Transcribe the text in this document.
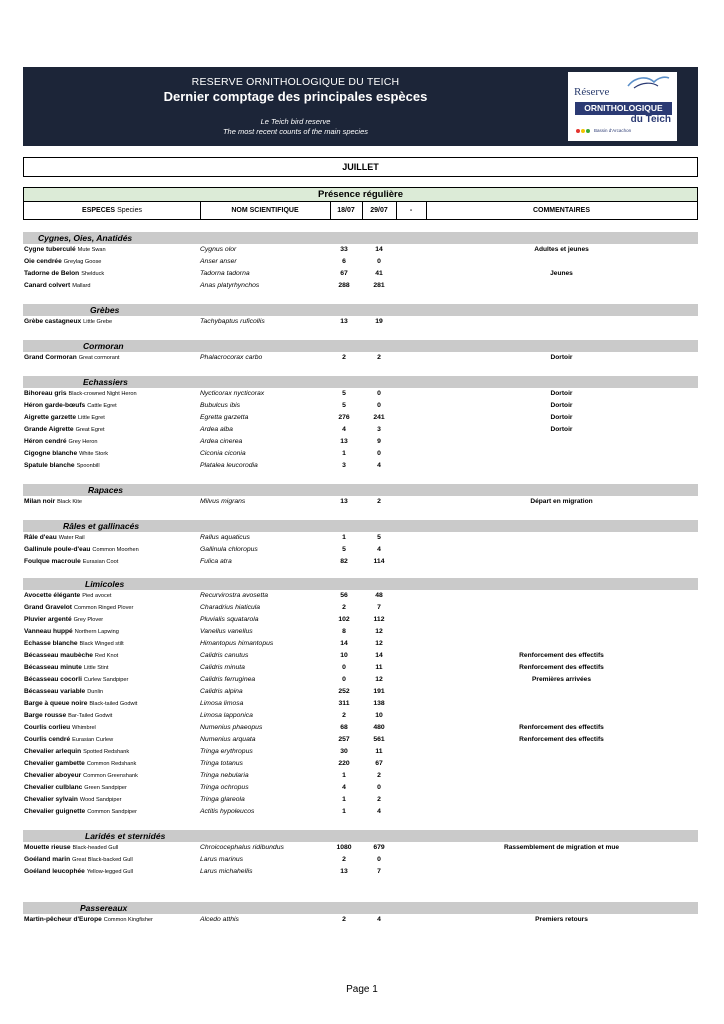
RESERVE ORNITHOLOGIQUE DU TEICH
Dernier comptage des principales espèces
Le Teich bird reserve
The most recent counts of the main species
Réserve
ORNITHOLOGIQUE
du Teich
Bassin d'Arcachon
JUILLET
Présence régulière
ESPECES Species	NOM SCIENTIFIQUE	18/07	29/07	-	COMMENTAIRES
Cygnes, Oies, Anatidés
Cygne tuberculé Mute Swan	Cygnus olor	33	14	Adultes et jeunes
Oie cendrée Greylag Goose	Anser anser	6	0
Tadorne de Belon Shelduck	Tadorna tadorna	67	41	Jeunes
Canard colvert Mallard	Anas platyrhynchos	288	281
Grèbes
Grèbe castagneux Little Grebe	Tachybaptus ruficollis	13	19
Cormoran
Grand Cormoran Great cormorant	Phalacrocorax carbo	2	2	Dortoir
Echassiers
Bihoreau gris Black-crowned Night Heron	Nycticorax nycticorax	5	0	Dortoir
Héron garde-bœufs Cattle Egret	Bubulcus ibis	5	0	Dortoir
Aigrette garzette Little Egret	Egretta garzetta	276	241	Dortoir
Grande Aigrette Great Egret	Ardea alba	4	3	Dortoir
Héron cendré Grey Heron	Ardea cinerea	13	9
Cigogne blanche White Stork	Ciconia ciconia	1	0
Spatule blanche Spoonbill	Platalea leucorodia	3	4
Rapaces
Milan noir Black Kite	Milvus migrans	13	2	Départ en migration
Râles et gallinacés
Râle d'eau Water Rail	Rallus aquaticus	1	5
Gallinule poule-d'eau Common Moorhen	Gallinula chloropus	5	4
Foulque macroule Eurasian Coot	Fulica atra	82	114
Limicoles
Avocette élégante Pied avocet	Recurvirostra avosetta	56	48
Grand Gravelot Common Ringed Plover	Charadrius hiaticula	2	7
Pluvier argenté Grey Plover	Pluvialis squatarola	102	112
Vanneau huppé Northern Lapwing	Vanellus vanellus	8	12
Echasse blanche Black Winged stilt	Himantopus himantopus	14	12
Bécasseau maubèche Red Knot	Calidris canutus	10	14	Renforcement des effectifs
Bécasseau minute Little Stint	Calidris minuta	0	11	Renforcement des effectifs
Bécasseau cocorli Curlew Sandpiper	Calidris ferruginea	0	12	Premières arrivées
Bécasseau variable Dunlin	Calidris alpina	252	191
Barge à queue noire Black-tailed Godwit	Limosa limosa	311	138
Barge rousse Bar-Tailed Godwit	Limosa lapponica	2	10
Courlis corlieu Whimbrel	Numenius phaeopus	68	480	Renforcement des effectifs
Courlis cendré Eurasian Curlew	Numenius arquata	257	561	Renforcement des effectifs
Chevalier arlequin Spotted Redshank	Tringa erythropus	30	11
Chevalier gambette Common Redshank	Tringa totanus	220	67
Chevalier aboyeur Common Greenshank	Tringa nebularia	1	2
Chevalier culblanc Green Sandpiper	Tringa ochropus	4	0
Chevalier sylvain Wood Sandpiper	Tringa glareola	1	2
Chevalier guignette Common Sandpiper	Actitis hypoleucos	1	4
Laridés et sternidés
Mouette rieuse Black-headed Gull	Chroicocephalus ridibundus	1080	679	Rassemblement de migration et mue
Goéland marin Great Black-backed Gull	Larus marinus	2	0
Goéland leucophée Yellow-legged Gull	Larus michahellis	13	7
Passereaux
Martin-pêcheur d'Europe Common Kingfisher	Alcedo atthis	2	4	Premiers retours
Page 1
